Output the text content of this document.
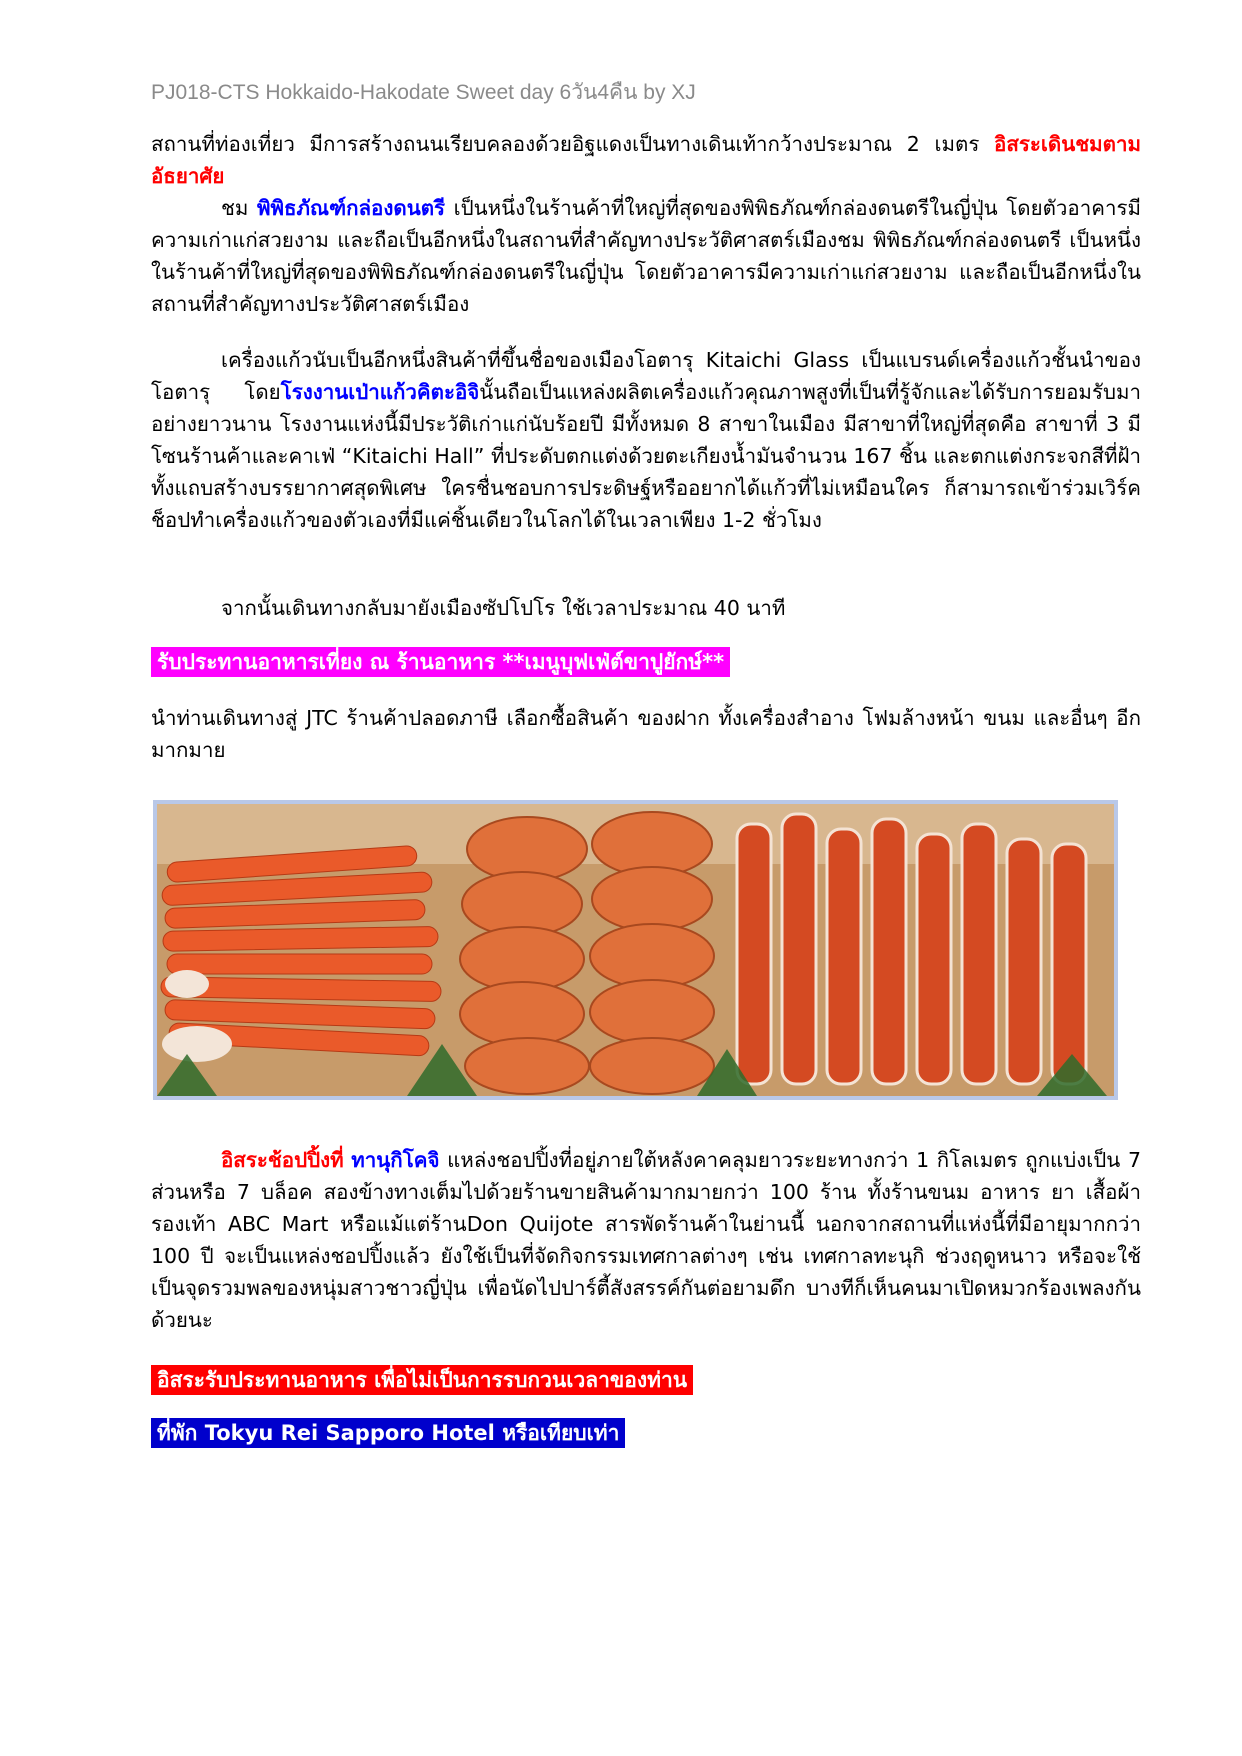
PJ018-CTS Hokkaido-Hakodate Sweet day 6วัน4คืน by XJ
สถานที่ท่องเที่ยว มีการสร้างถนนเรียบคลองด้วยอิฐแดงเป็นทางเดินเท้ากว้างประมาณ 2 เมตร อิสระเดินชมตามอัธยาศัย
ชม พิพิธภัณฑ์กล่องดนตรี เป็นหนึ่งในร้านค้าที่ใหญ่ที่สุดของพิพิธภัณฑ์กล่องดนตรีในญี่ปุ่น โดยตัวอาคารมีความเก่าแก่สวยงาม และถือเป็นอีกหนึ่งในสถานที่สำคัญทางประวัติศาสตร์เมืองชม พิพิธภัณฑ์กล่องดนตรี เป็นหนึ่งในร้านค้าที่ใหญ่ที่สุดของพิพิธภัณฑ์กล่องดนตรีในญี่ปุ่น โดยตัวอาคารมีความเก่าแก่สวยงาม และถือเป็นอีกหนึ่งในสถานที่สำคัญทางประวัติศาสตร์เมือง
เครื่องแก้วนับเป็นอีกหนึ่งสินค้าที่ขึ้นชื่อของเมืองโอตารุ Kitaichi Glass เป็นแบรนด์เครื่องแก้วชั้นนำของโอตารุ โดยโรงงานเป่าแก้วคิตะอิจินั้นถือเป็นแหล่งผลิตเครื่องแก้วคุณภาพสูงที่เป็นที่รู้จักและได้รับการยอมรับมาอย่างยาวนาน โรงงานแห่งนี้มีประวัติเก่าแก่นับร้อยปี มีทั้งหมด 8 สาขาในเมือง มีสาขาที่ใหญ่ที่สุดคือ สาขาที่ 3 มีโซนร้านค้าและคาเฟ่ “Kitaichi Hall” ที่ประดับตกแต่งด้วยตะเกียงน้ำมันจำนวน 167 ชิ้น และตกแต่งกระจกสีที่ฝ้าทั้งแถบสร้างบรรยากาศสุดพิเศษ ใครชื่นชอบการประดิษฐ์หรืออยากได้แก้วที่ไม่เหมือนใคร ก็สามารถเข้าร่วมเวิร์คช็อปทำเครื่องแก้วของตัวเองที่มีแค่ชิ้นเดียวในโลกได้ในเวลาเพียง 1-2 ชั่วโมง
จากนั้นเดินทางกลับมายังเมืองซัปโปโร ใช้เวลาประมาณ 40 นาที
รับประทานอาหารเที่ยง ณ ร้านอาหาร **เมนูบุฟเฟ่ต์ขาปูยักษ์**
นำท่านเดินทางสู่ JTC ร้านค้าปลอดภาษี เลือกซื้อสินค้า ของฝาก ทั้งเครื่องสำอาง โฟมล้างหน้า ขนม และอื่นๆ อีกมากมาย
อิสระช้อปปิ้งที่ ทานุกิโคจิ แหล่งชอปปิ้งที่อยู่ภายใต้หลังคาคลุมยาวระยะทางกว่า 1 กิโลเมตร ถูกแบ่งเป็น 7 ส่วนหรือ 7 บล็อค สองข้างทางเต็มไปด้วยร้านขายสินค้ามากมายกว่า 100 ร้าน ทั้งร้านขนม อาหาร ยา เสื้อผ้า รองเท้า ABC Mart หรือแม้แต่ร้านDon Quijote สารพัดร้านค้าในย่านนี้ นอกจากสถานที่แห่งนี้ที่มีอายุมากกว่า 100 ปี จะเป็นแหล่งชอปปิ้งแล้ว ยังใช้เป็นที่จัดกิจกรรมเทศกาลต่างๆ เช่น เทศกาลทะนุกิ ช่วงฤดูหนาว หรือจะใช้เป็นจุดรวมพลของหนุ่มสาวชาวญี่ปุ่น เพื่อนัดไปปาร์ตี้สังสรรค์กันต่อยามดึก บางทีก็เห็นคนมาเปิดหมวกร้องเพลงกันด้วยนะ
อิสระรับประทานอาหาร เพื่อไม่เป็นการรบกวนเวลาของท่าน
ที่พัก Tokyu Rei Sapporo Hotel หรือเทียบเท่า
